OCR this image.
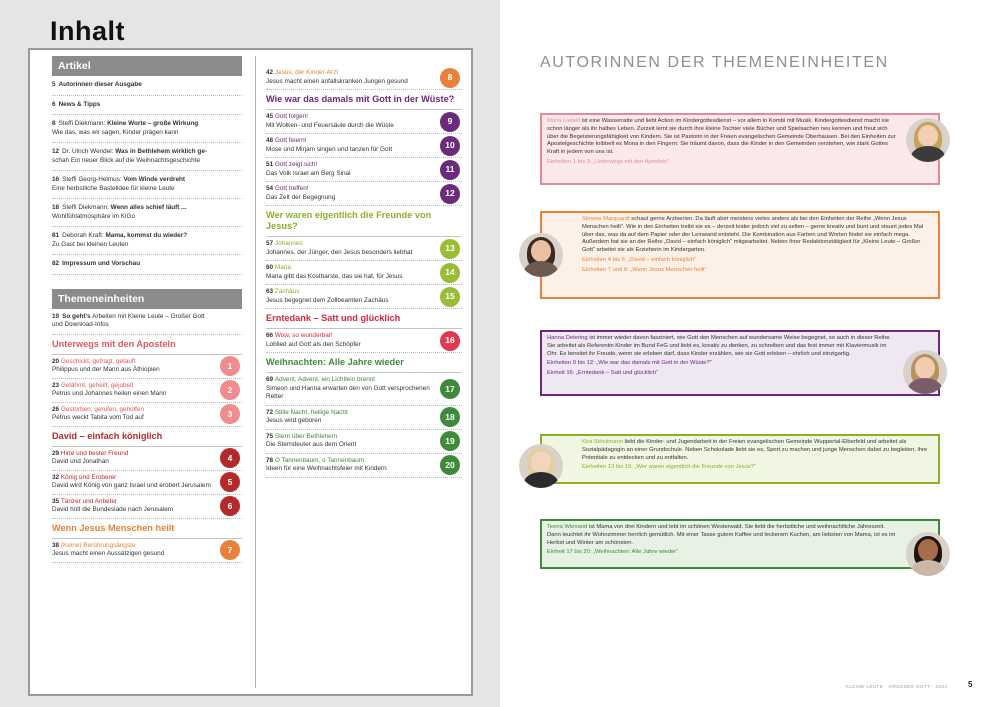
Inhalt
Artikel
5 Autorinnen dieser Ausgabe
6 News & Tipps
8 Steffi Diekmann: Kleine Worte – große Wirkung
Wie das, was wir sagen, Kinder prägen kann
12 Dr. Ulrich Wendel: Was in Bethlehem wirklich ge-
schah Ein neuer Blick auf die Weihnachtsgeschichte
16 Steffi Georg-Helmus: Vom Winde verdreht
Eine herbstliche Bastelidee für kleine Leute
18 Steffi Diekmann: Wenn alles schief läuft ...
Wohlfühlatmosphäre im KiGo
81 Deborah Kraft: Mama, kommst du wieder?
Zu Gast bei kleinen Leuten
82 Impressum und Vorschau
Themeneinheiten
19 So geht's Arbeiten mit Kleine Leute – Großer Gott
und Download-Infos
Unterwegs mit den Aposteln
20 Geschickt, gefragt, getauft
Philippus und der Mann aus Äthiopien	1
23 Gelähmt, geheilt, gejubelt
Petrus und Johannes heilen einen Mann	2
26 Gestorben, gerufen, geholfen
Petrus weckt Tabita vom Tod auf	3
David – einfach königlich
29 Hirte und bester Freund
David und Jonathan	4
32 König und Eroberer
David wird König von ganz Israel und erobert Jerusalem	5
35 Tänzer und Anbeter
David holt die Bundeslade nach Jerusalem	6
Wenn Jesus Menschen heilt
38 (Keine) Berührungsängste
Jesus macht einen Aussätzigen gesund	7
42 Jesus, der Kinder-Arzt
Jesus macht einen anfallskranken Jungen gesund	8
Wie war das damals mit Gott in der Wüste?
45 Gott folgen!
Mit Wolken- und Feuersäule durch die Wüste	9
48 Gott feiern!
Mose und Mirjam singen und tanzen für Gott	10
51 Gott zeigt sich!
Das Volk Israel am Berg Sinai	11
54 Gott treffen!
Das Zelt der Begegnung	12
Wer waren eigentlich die Freunde von Jesus?
57 Johannes
Johannes, der Jünger, den Jesus besonders liebhat	13
60 Maria
Maria gibt das Kostbarste, das sie hat, für Jesus	14
63 Zachäus
Jesus begegnet dem Zollbeamten Zachäus	15
Erntedank – Satt und glücklich
66 Wow, so wunderbar!
Loblied auf Gott als den Schöpfer	16
Weihnachten: Alle Jahre wieder
69 Advent, Advent, ein Lichtlein brennt
Simeon und Hanna erwarten den von Gott versprochenen Retter
17
72 Stille Nacht, heilige Nacht
Jesus wird geboren	18
75 Stern über Bethlehem
Die Sterndeuter aus dem Orient	19
78 O Tannenbaum, o Tannenbaum
Ideen für eine Weihnachtsfeier mit Kindern	20
AUTORINNEN DER THEMENEINHEITEN
Mona Liebelt ist eine Wasserratte und liebt Action im Kindergottesdienst – vor allem in Kombi mit Musik. Kindergottesdienst macht sie schon länger als ihr halbes Leben. Zurzeit lernt sie durch ihre kleine Tochter viele Bücher und Spielsachen neu kennen und freut sich über die Begeisterungsfähigkeit von Kindern. Sie ist Pastorin in der Freien evangelischen Gemeinde Oberhausen. Bei den Einheiten zur Apostelgeschichte kribbelt es Mona in den Fingern: Sie träumt davon, dass die Kinder in den Gemeinden verstehen, wie stark Gottes Kraft in jedem von uns ist.
Einheiten 1 bis 3: „Unterwegs mit den Aposteln“
Simone Marquardt schaut gerne Arztserien. Da läuft aber meistens vieles anders als bei den Einheiten der Reihe „Wenn Jesus Menschen heilt“. Wie in den Einheiten treibt sie es – derzeit leider jedoch viel zu selten – gerne kreativ und bunt und staunt jedes Mal über das, was da auf dem Papier oder der Leinwand entsteht. Die Kombination aus Farben und Worten findet sie einfach mega. Außerdem hat sie an der Reihe „David – einfach königlich“ mitgearbeitet. Neben ihrer Redaktionstätigkeit für „Kleine Leute – Großer Gott“ arbeitet sie als Erzieherin im Kindergarten.
Einheiten 4 bis 6: „David – einfach königlich“
Einheiten 7 und 8: „Wenn Jesus Menschen heilt“
Hanna Detering ist immer wieder davon fasziniert, wie Gott den Menschen auf wundersame Weise begegnet, so auch in dieser Reihe. Sie arbeitet als Referentin Kinder im Bund FeG und liebt es, kreativ zu denken, zu schreiben und das fest immer mit Klaviermusik im Ohr. Es bereitet ihr Freude, wenn sie erleben darf, dass Kinder erzählen, wie sie Gott erleben – ehrlich und einzigartig.
Einheiten 9 bis 12: „Wie war das damals mit Gott in der Wüste?“
Einheit 16: „Erntedank – Satt und glücklich“
Kira Stöckmann liebt die Kinder- und Jugendarbeit in der Freien evangelischen Gemeinde Wuppertal-Elberfeld und arbeitet als Sozialpädagogin an einer Grundschule. Neben Schokolade liebt sie es, Sport zu machen und junge Menschen dabei zu begleiten, ihre Potentiale zu entdecken und zu entfalten.
Einheiten 13 bis 15: „Wer waren eigentlich die Freunde von Jesus?“
Teena Wienand ist Mama von drei Kindern und lebt im schönen Westerwald. Sie liebt die herbstliche und weihnachtliche Jahreszeit. Dann leuchtet ihr Wohnzimmer herrlich gemütlich. Mit einer Tasse gutem Kaffee und leckerem Kuchen, am liebsten von Mama, ist es im Herbst und Winter am schönsten.
Einheit 17 bis 20: „Weihnachten: Alle Jahre wieder“
KLEINE LEUTE · GROSSER GOTT · 2024	5
